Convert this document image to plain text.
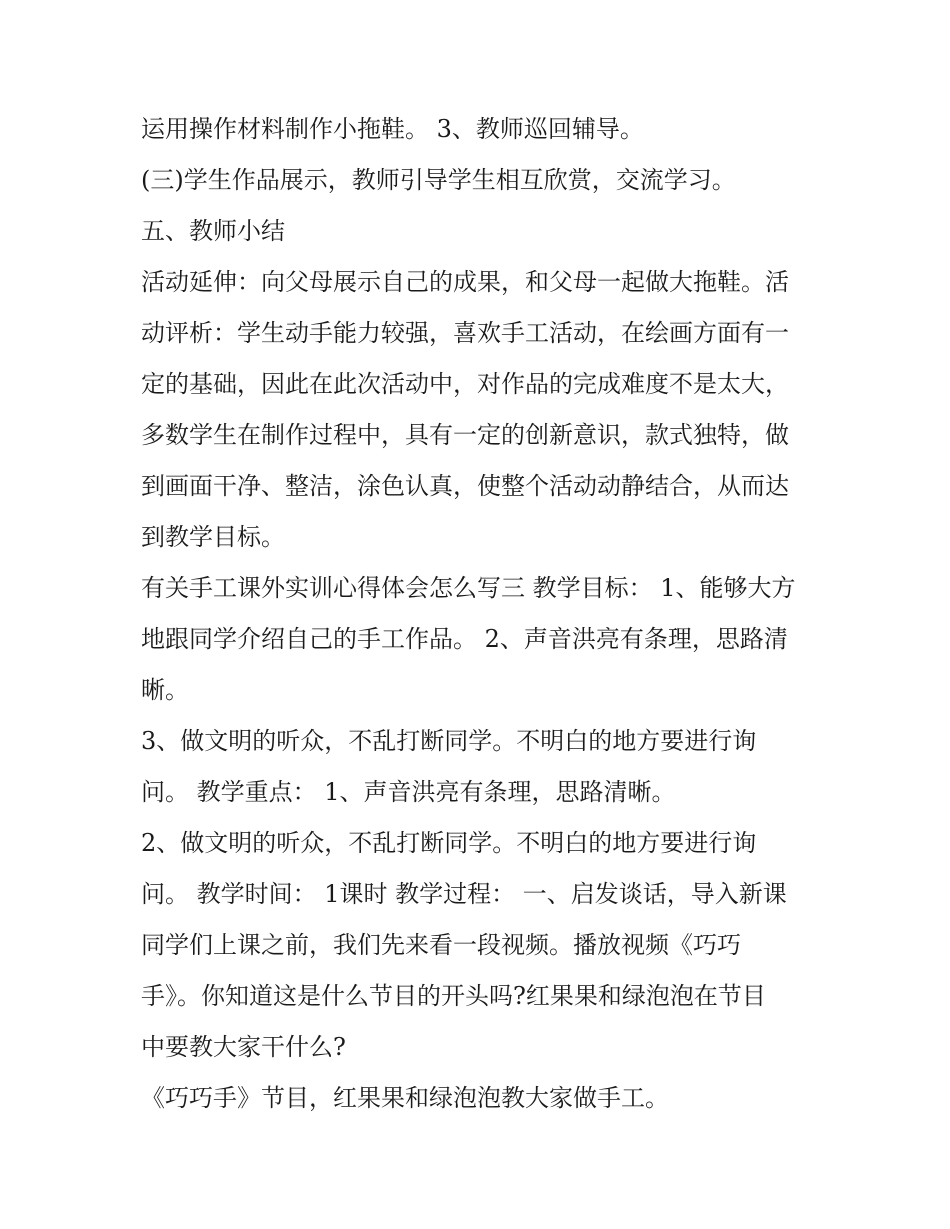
运用操作材料制作小拖鞋。 3、教师巡回辅导。

(三)学生作品展示，教师引导学生相互欣赏，交流学习。

五、教师小结

活动延伸：向父母展示自己的成果，和父母一起做大拖鞋。活

动评析：学生动手能力较强，喜欢手工活动，在绘画方面有一

定的基础，因此在此次活动中，对作品的完成难度不是太大，

多数学生在制作过程中，具有一定的创新意识，款式独特，做

到画面干净、整洁，涂色认真，使整个活动动静结合，从而达

到教学目标。

有关手工课外实训心得体会怎么写三 教学目标： 1、能够大方

地跟同学介绍自己的手工作品。 2、声音洪亮有条理，思路清

晰。

3、做文明的听众，不乱打断同学。不明白的地方要进行询

问。 教学重点： 1、声音洪亮有条理，思路清晰。

2、做文明的听众，不乱打断同学。不明白的地方要进行询

问。 教学时间： 1课时 教学过程： 一、启发谈话，导入新课

同学们上课之前，我们先来看一段视频。播放视频《巧巧

手》。你知道这是什么节目的开头吗?红果果和绿泡泡在节目

中要教大家干什么?

《巧巧手》节目，红果果和绿泡泡教大家做手工。
